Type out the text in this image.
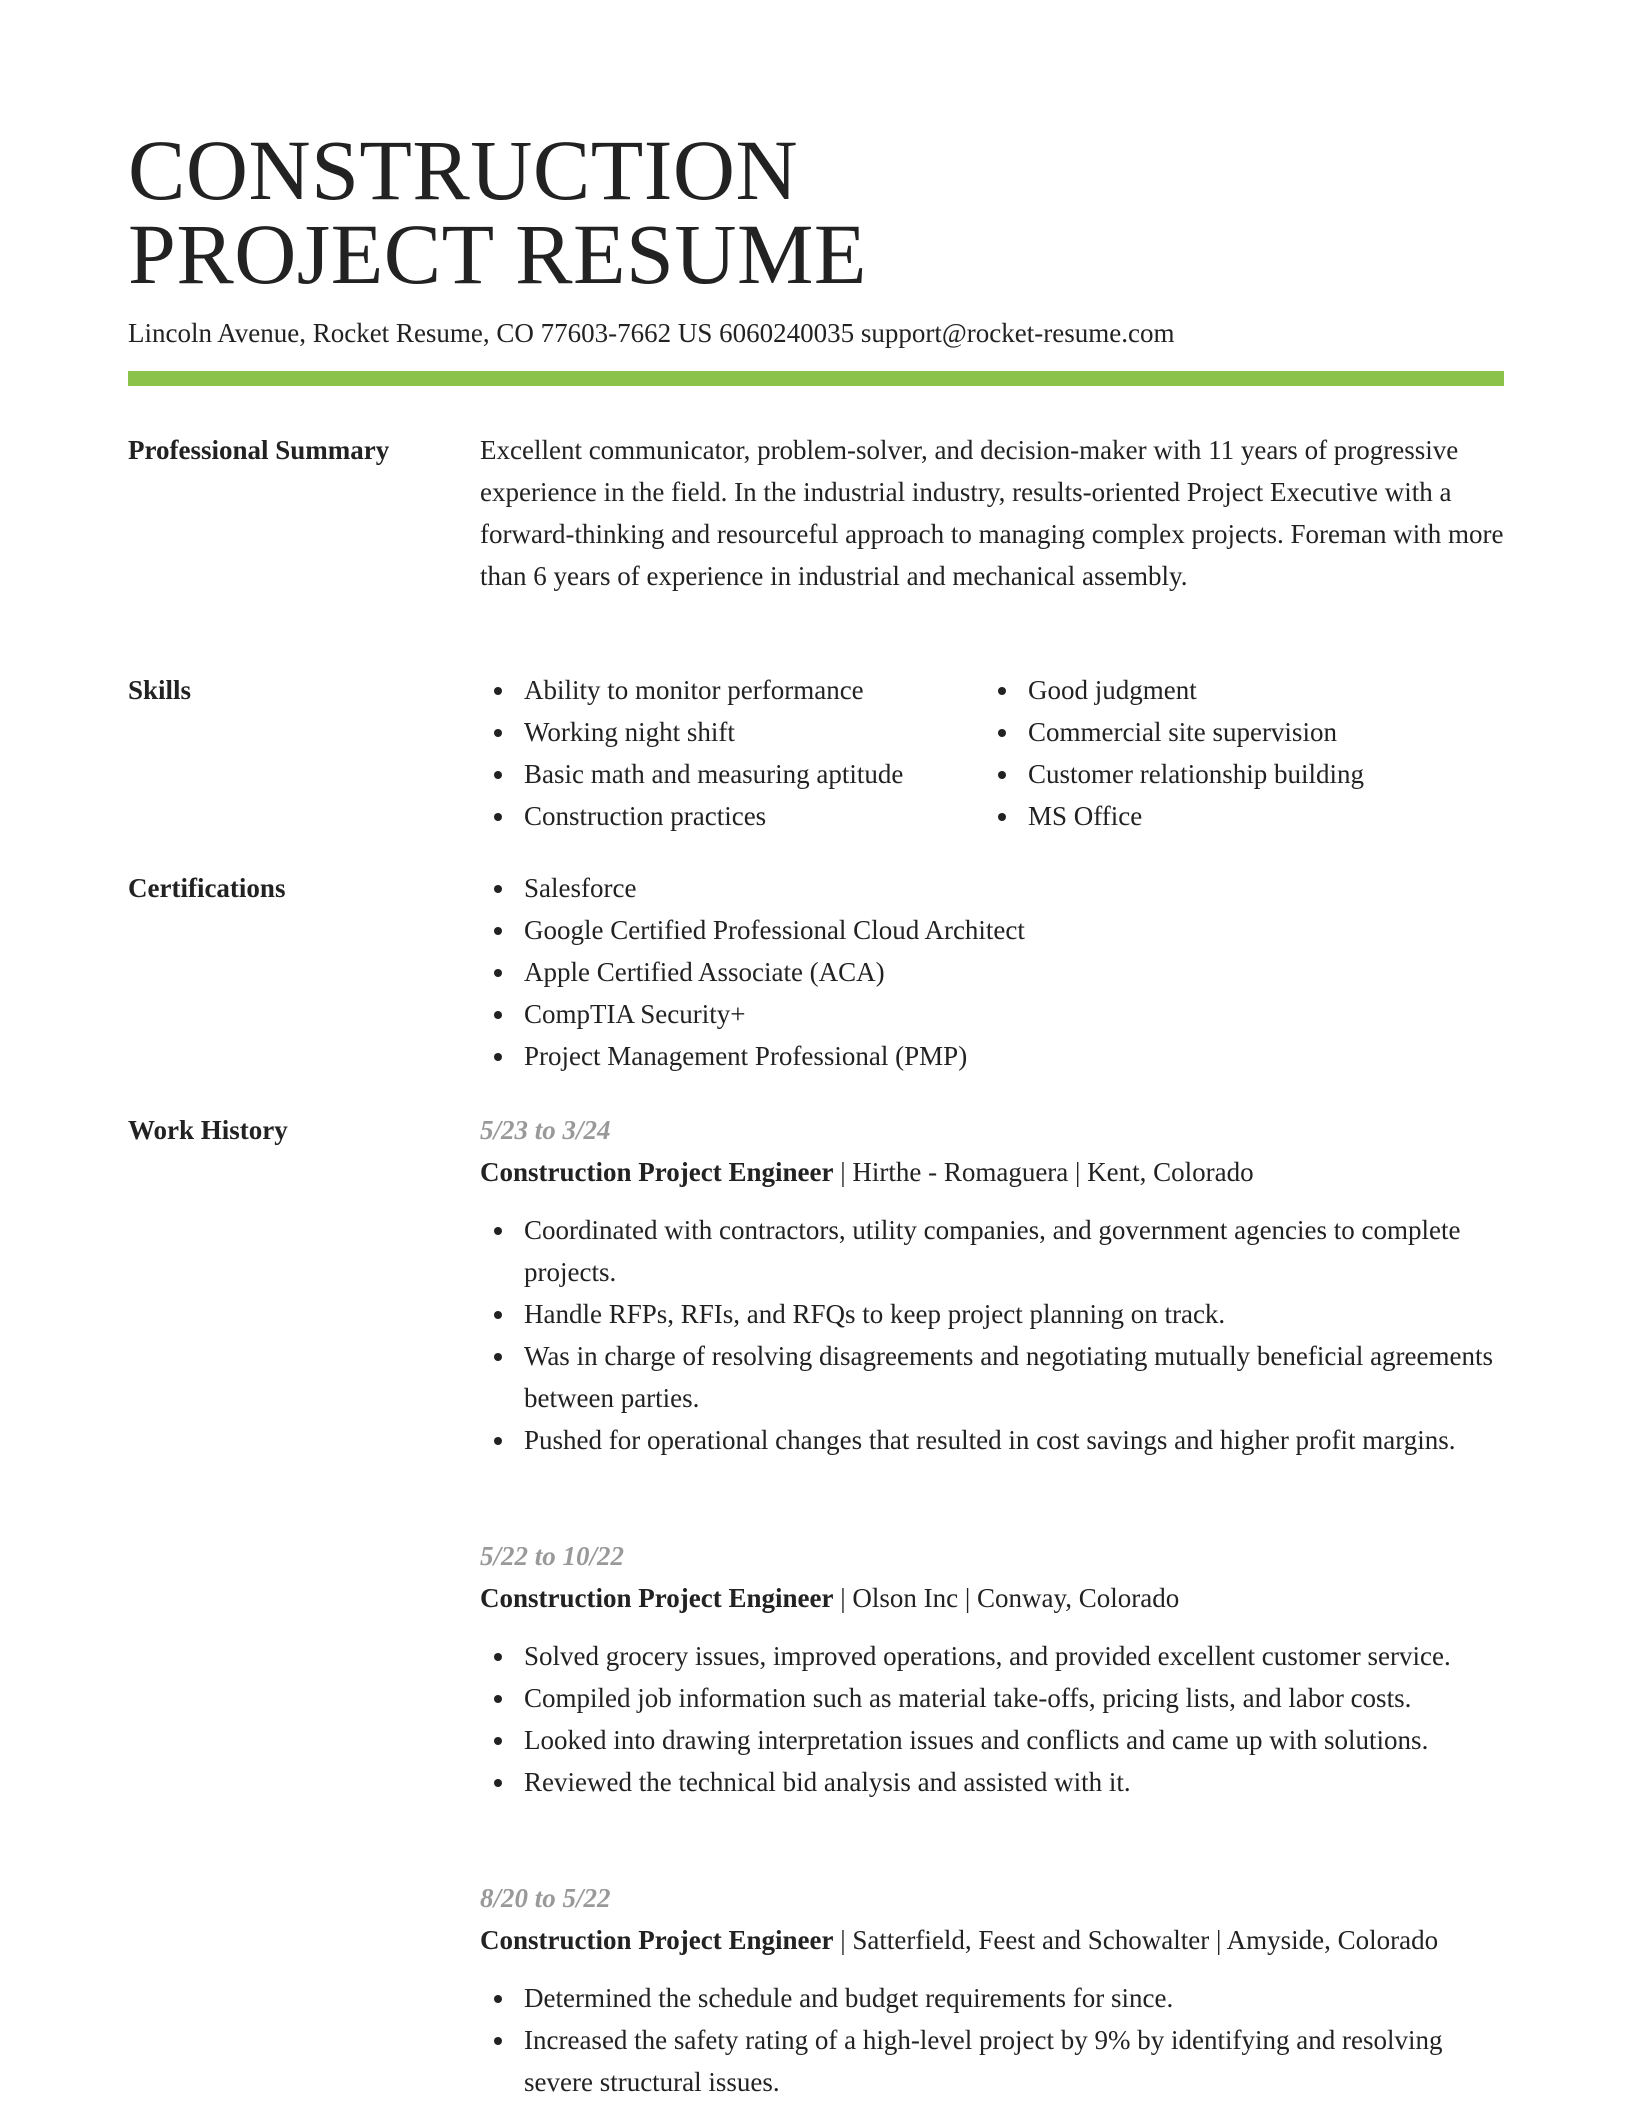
CONSTRUCTION
PROJECT RESUME
Lincoln Avenue, Rocket Resume, CO 77603-7662 US 6060240035 support@rocket-resume.com
Professional Summary	Excellent communicator, problem-solver, and decision-maker with 11 years of progressive experience in the field. In the industrial industry, results-oriented Project Executive with a forward-thinking and resourceful approach to managing complex projects. Foreman with more than 6 years of experience in industrial and mechanical assembly.

Skills	Ability to monitor performance
Working night shift
Basic math and measuring aptitude
Construction practices
Good judgment
Commercial site supervision
Customer relationship building
MS Office
Certifications	Salesforce
Google Certified Professional Cloud Architect
Apple Certified Associate (ACA)
CompTIA Security+
Project Management Professional (PMP)
Work History	5/23 to 3/24
Construction Project Engineer | Hirthe - Romaguera | Kent, Colorado
Coordinated with contractors, utility companies, and government agencies to complete projects.
Handle RFPs, RFIs, and RFQs to keep project planning on track.
Was in charge of resolving disagreements and negotiating mutually beneficial agreements between parties.
Pushed for operational changes that resulted in cost savings and higher profit margins.
5/22 to 10/22
Construction Project Engineer | Olson Inc | Conway, Colorado
Solved grocery issues, improved operations, and provided excellent customer service.
Compiled job information such as material take-offs, pricing lists, and labor costs.
Looked into drawing interpretation issues and conflicts and came up with solutions.
Reviewed the technical bid analysis and assisted with it.
8/20 to 5/22
Construction Project Engineer | Satterfield, Feest and Schowalter | Amyside, Colorado
Determined the schedule and budget requirements for since.
Increased the safety rating of a high-level project by 9% by identifying and resolving severe structural issues.
